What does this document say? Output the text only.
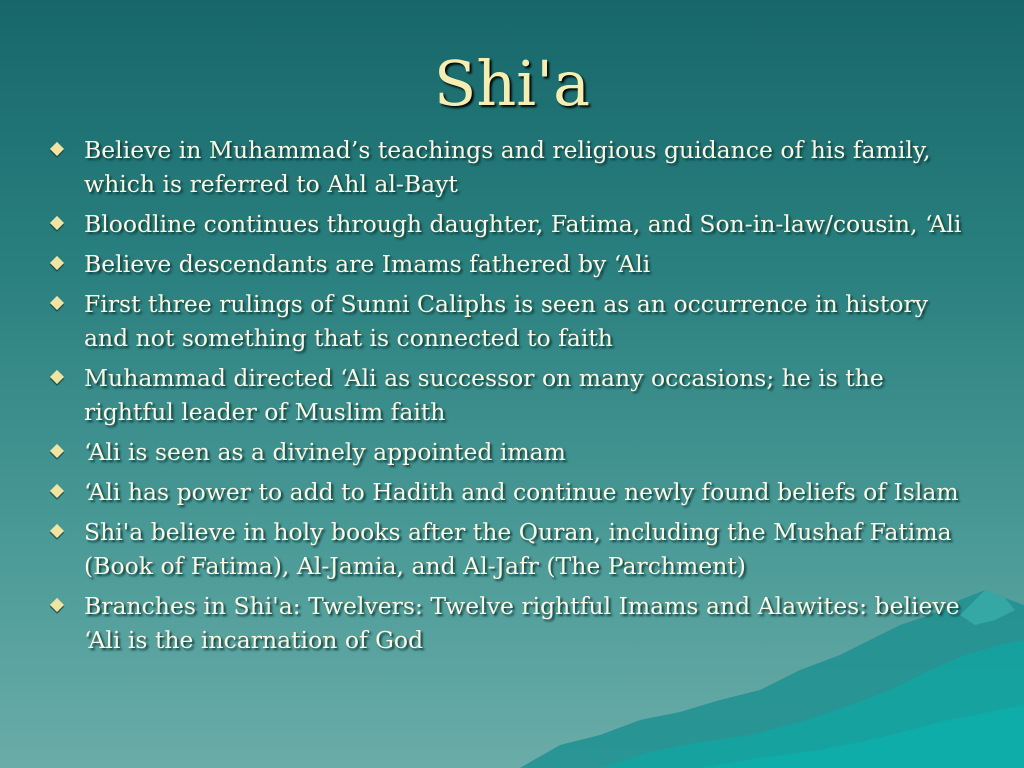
Shi'a
Believe in Muhammad’s teachings and religious guidance of his family, which is referred to Ahl al-Bayt
Bloodline continues through daughter, Fatima, and Son-in-law/cousin, ‘Ali
Believe descendants are Imams fathered by ‘Ali
First three rulings of Sunni Caliphs is seen as an occurrence in history and not something that is connected to faith
Muhammad directed ‘Ali as successor on many occasions; he is the rightful leader of Muslim faith
‘Ali is seen as a divinely appointed imam
‘Ali has power to add to Hadith and continue newly found beliefs of Islam
Shi'a believe in holy books after the Quran, including the Mushaf Fatima (Book of Fatima), Al-Jamia, and Al-Jafr (The Parchment)
Branches in Shi'a: Twelvers: Twelve rightful Imams and Alawites: believe ‘Ali is the incarnation of God
